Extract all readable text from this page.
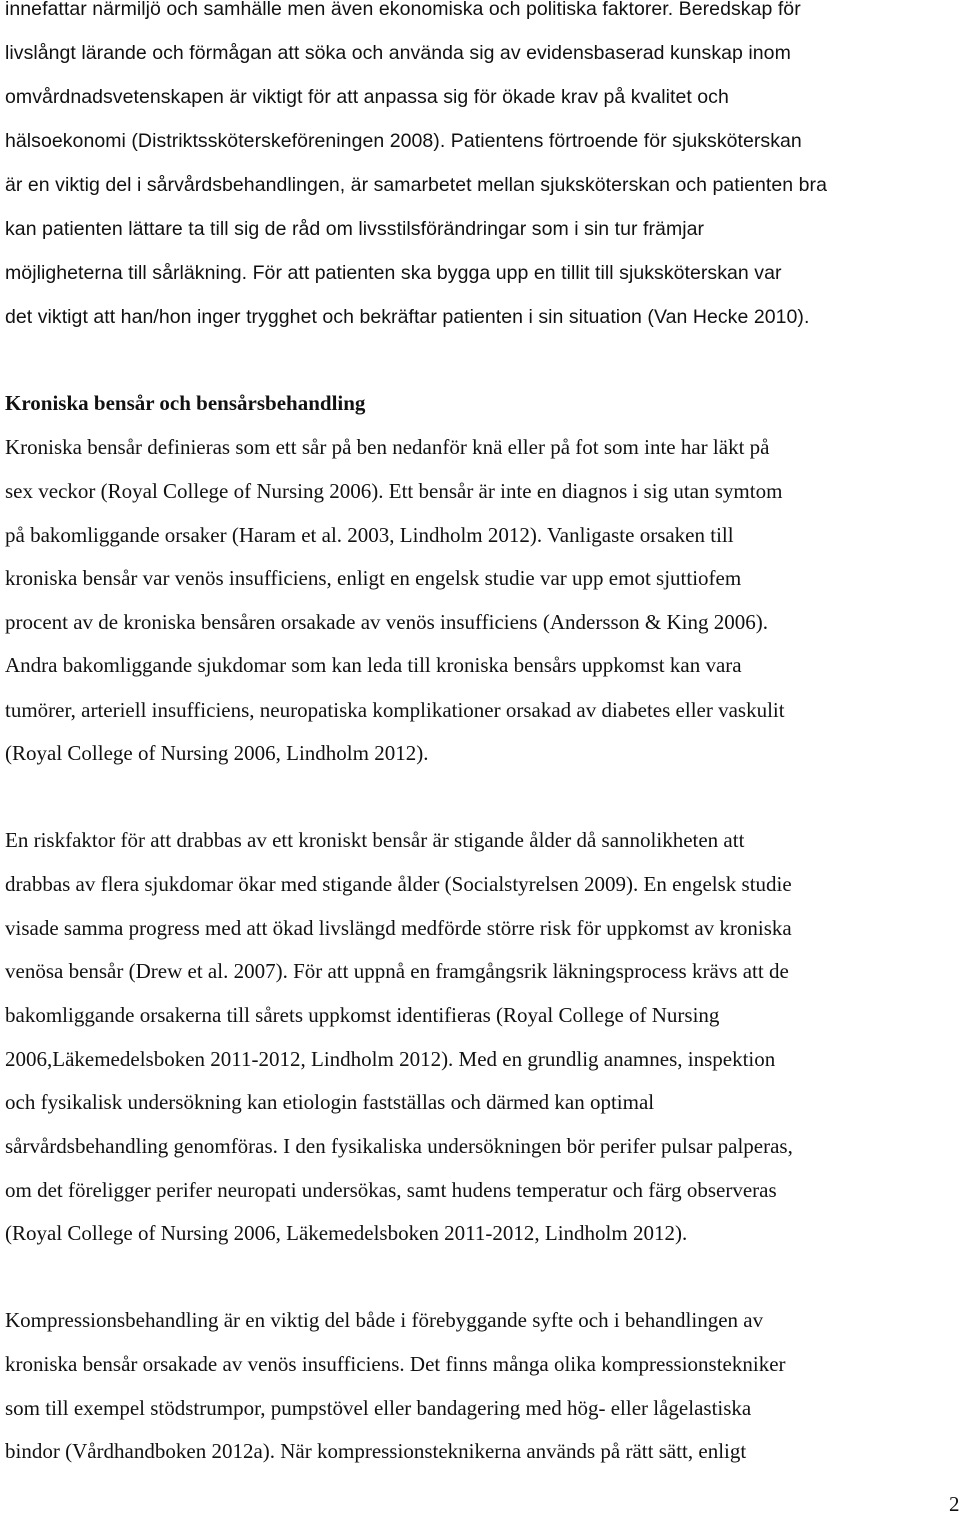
innefattar närmiljö och samhälle men även ekonomiska och politiska faktorer. Beredskap för
livslångt lärande och förmågan att söka och använda sig av evidensbaserad kunskap inom
omvårdnadsvetenskapen är viktigt för att anpassa sig för ökade krav på kvalitet och
hälsoekonomi (Distriktssköterskeföreningen 2008). Patientens förtroende för sjuksköterskan
är en viktig del i sårvårdsbehandlingen, är samarbetet mellan sjuksköterskan och patienten bra
kan patienten lättare ta till sig de råd om livsstilsförändringar som i sin tur främjar
möjligheterna till sårläkning. För att patienten ska bygga upp en tillit till sjuksköterskan var
det viktigt att han/hon inger trygghet och bekräftar patienten i sin situation (Van Hecke 2010).
Kroniska bensår och bensårsbehandling
Kroniska bensår definieras som ett sår på ben nedanför knä eller på fot som inte har läkt på
sex veckor (Royal College of Nursing 2006). Ett bensår är inte en diagnos i sig utan symtom
på bakomliggande orsaker (Haram et al. 2003, Lindholm 2012). Vanligaste orsaken till
kroniska bensår var venös insufficiens, enligt en engelsk studie var upp emot sjuttiofem
procent av de kroniska bensåren orsakade av venös insufficiens (Andersson & King 2006).
Andra bakomliggande sjukdomar som kan leda till kroniska bensårs uppkomst kan vara
tumörer, arteriell insufficiens, neuropatiska komplikationer orsakad av diabetes eller vaskulit
(Royal College of Nursing 2006, Lindholm 2012).
En riskfaktor för att drabbas av ett kroniskt bensår är stigande ålder då sannolikheten att
drabbas av flera sjukdomar ökar med stigande ålder (Socialstyrelsen 2009). En engelsk studie
visade samma progress med att ökad livslängd medförde större risk för uppkomst av kroniska
venösa bensår (Drew et al. 2007). För att uppnå en framgångsrik läkningsprocess krävs att de
bakomliggande orsakerna till sårets uppkomst identifieras (Royal College of Nursing
2006,Läkemedelsboken 2011-2012, Lindholm 2012). Med en grundlig anamnes, inspektion
och fysikalisk undersökning kan etiologin fastställas och därmed kan optimal
sårvårdsbehandling genomföras. I den fysikaliska undersökningen bör perifer pulsar palperas,
om det föreligger perifer neuropati undersökas, samt hudens temperatur och färg observeras
(Royal College of Nursing 2006, Läkemedelsboken 2011-2012, Lindholm 2012).
Kompressionsbehandling är en viktig del både i förebyggande syfte och i behandlingen av
kroniska bensår orsakade av venös insufficiens. Det finns många olika kompressionstekniker
som till exempel stödstrumpor, pumpstövel eller bandagering med hög- eller lågelastiska
bindor (Vårdhandboken 2012a). När kompressionsteknikerna används på rätt sätt, enligt
2
